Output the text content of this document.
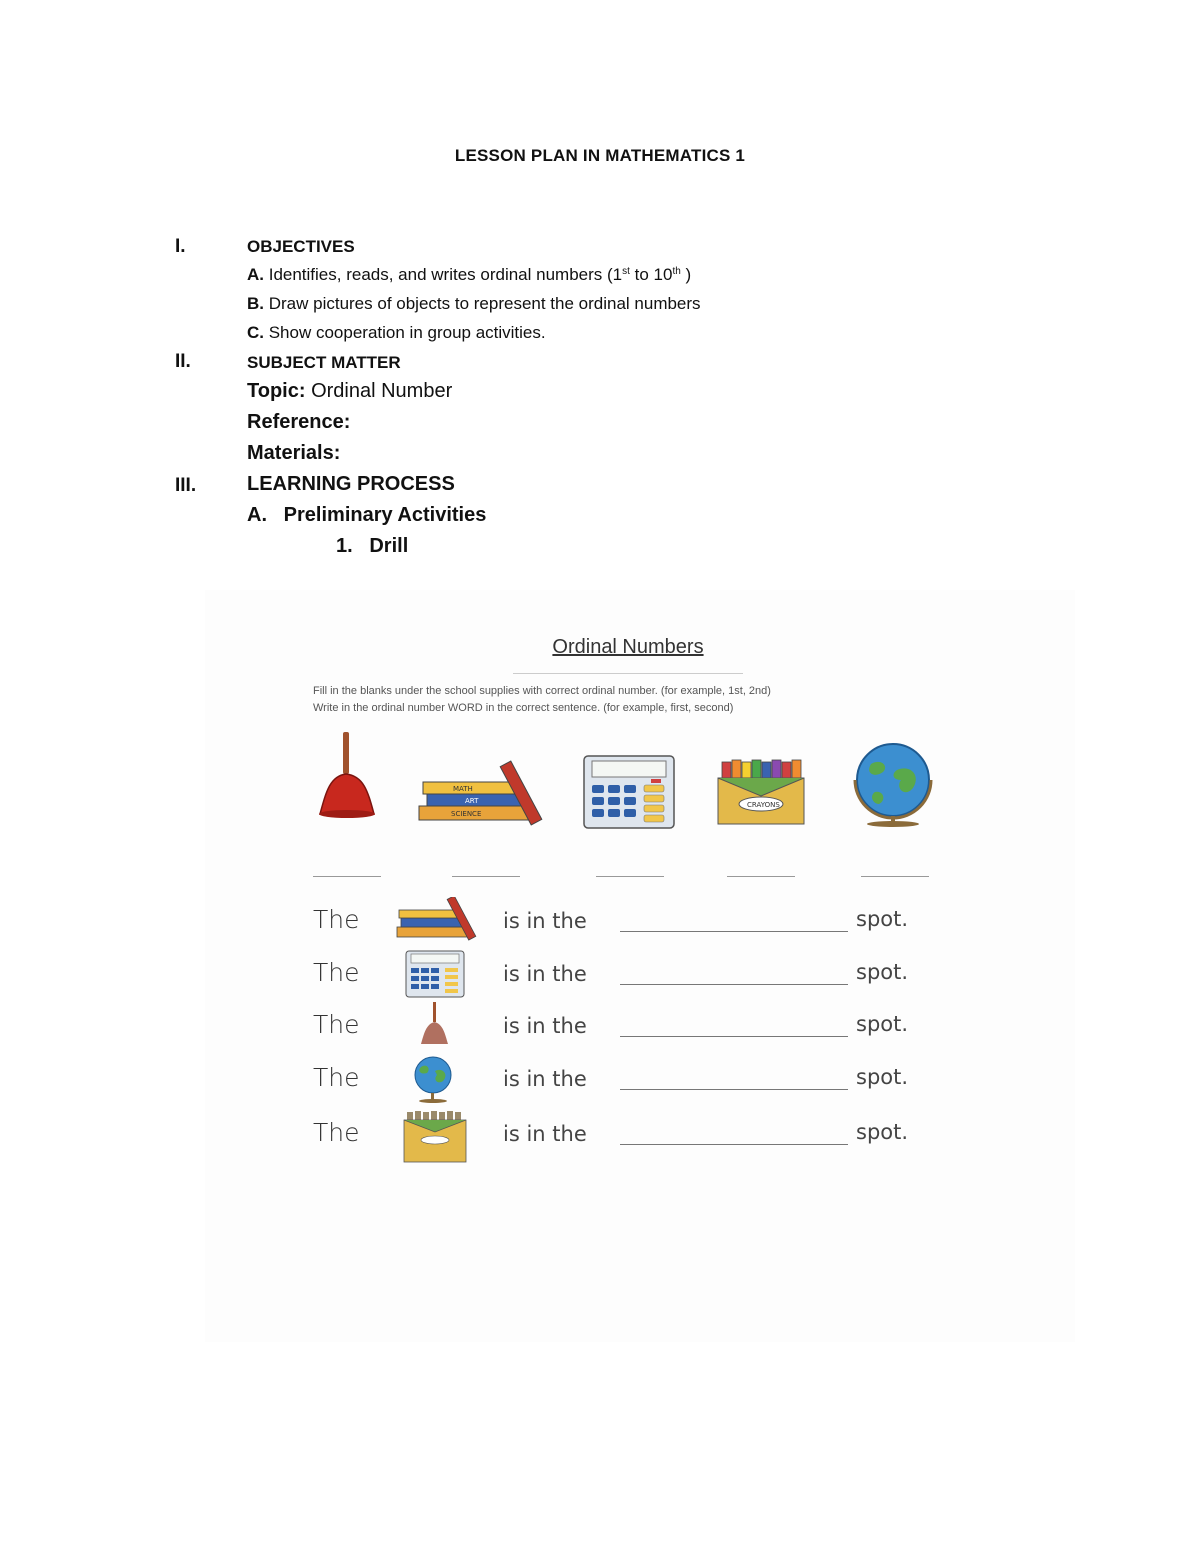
LESSON PLAN IN MATHEMATICS 1
I.	OBJECTIVES
A. Identifies, reads, and writes ordinal numbers (1st to 10th )
B. Draw pictures of objects to represent the ordinal numbers
C. Show cooperation in group activities.
II.	SUBJECT MATTER
Topic: Ordinal Number
Reference:
Materials:
III.	LEARNING PROCESS
A.   Preliminary Activities
1.   Drill
Ordinal Numbers
Fill in the blanks under the school supplies with correct ordinal number. (for example, 1st, 2nd)
Write in the ordinal number WORD in the correct sentence. (for example, first, second)
MATH
ART
SCIENCE
CRAYONS
The	is in the	spot.
The	is in the	spot.
The	is in the	spot.
The	is in the	spot.
The	is in the	spot.
